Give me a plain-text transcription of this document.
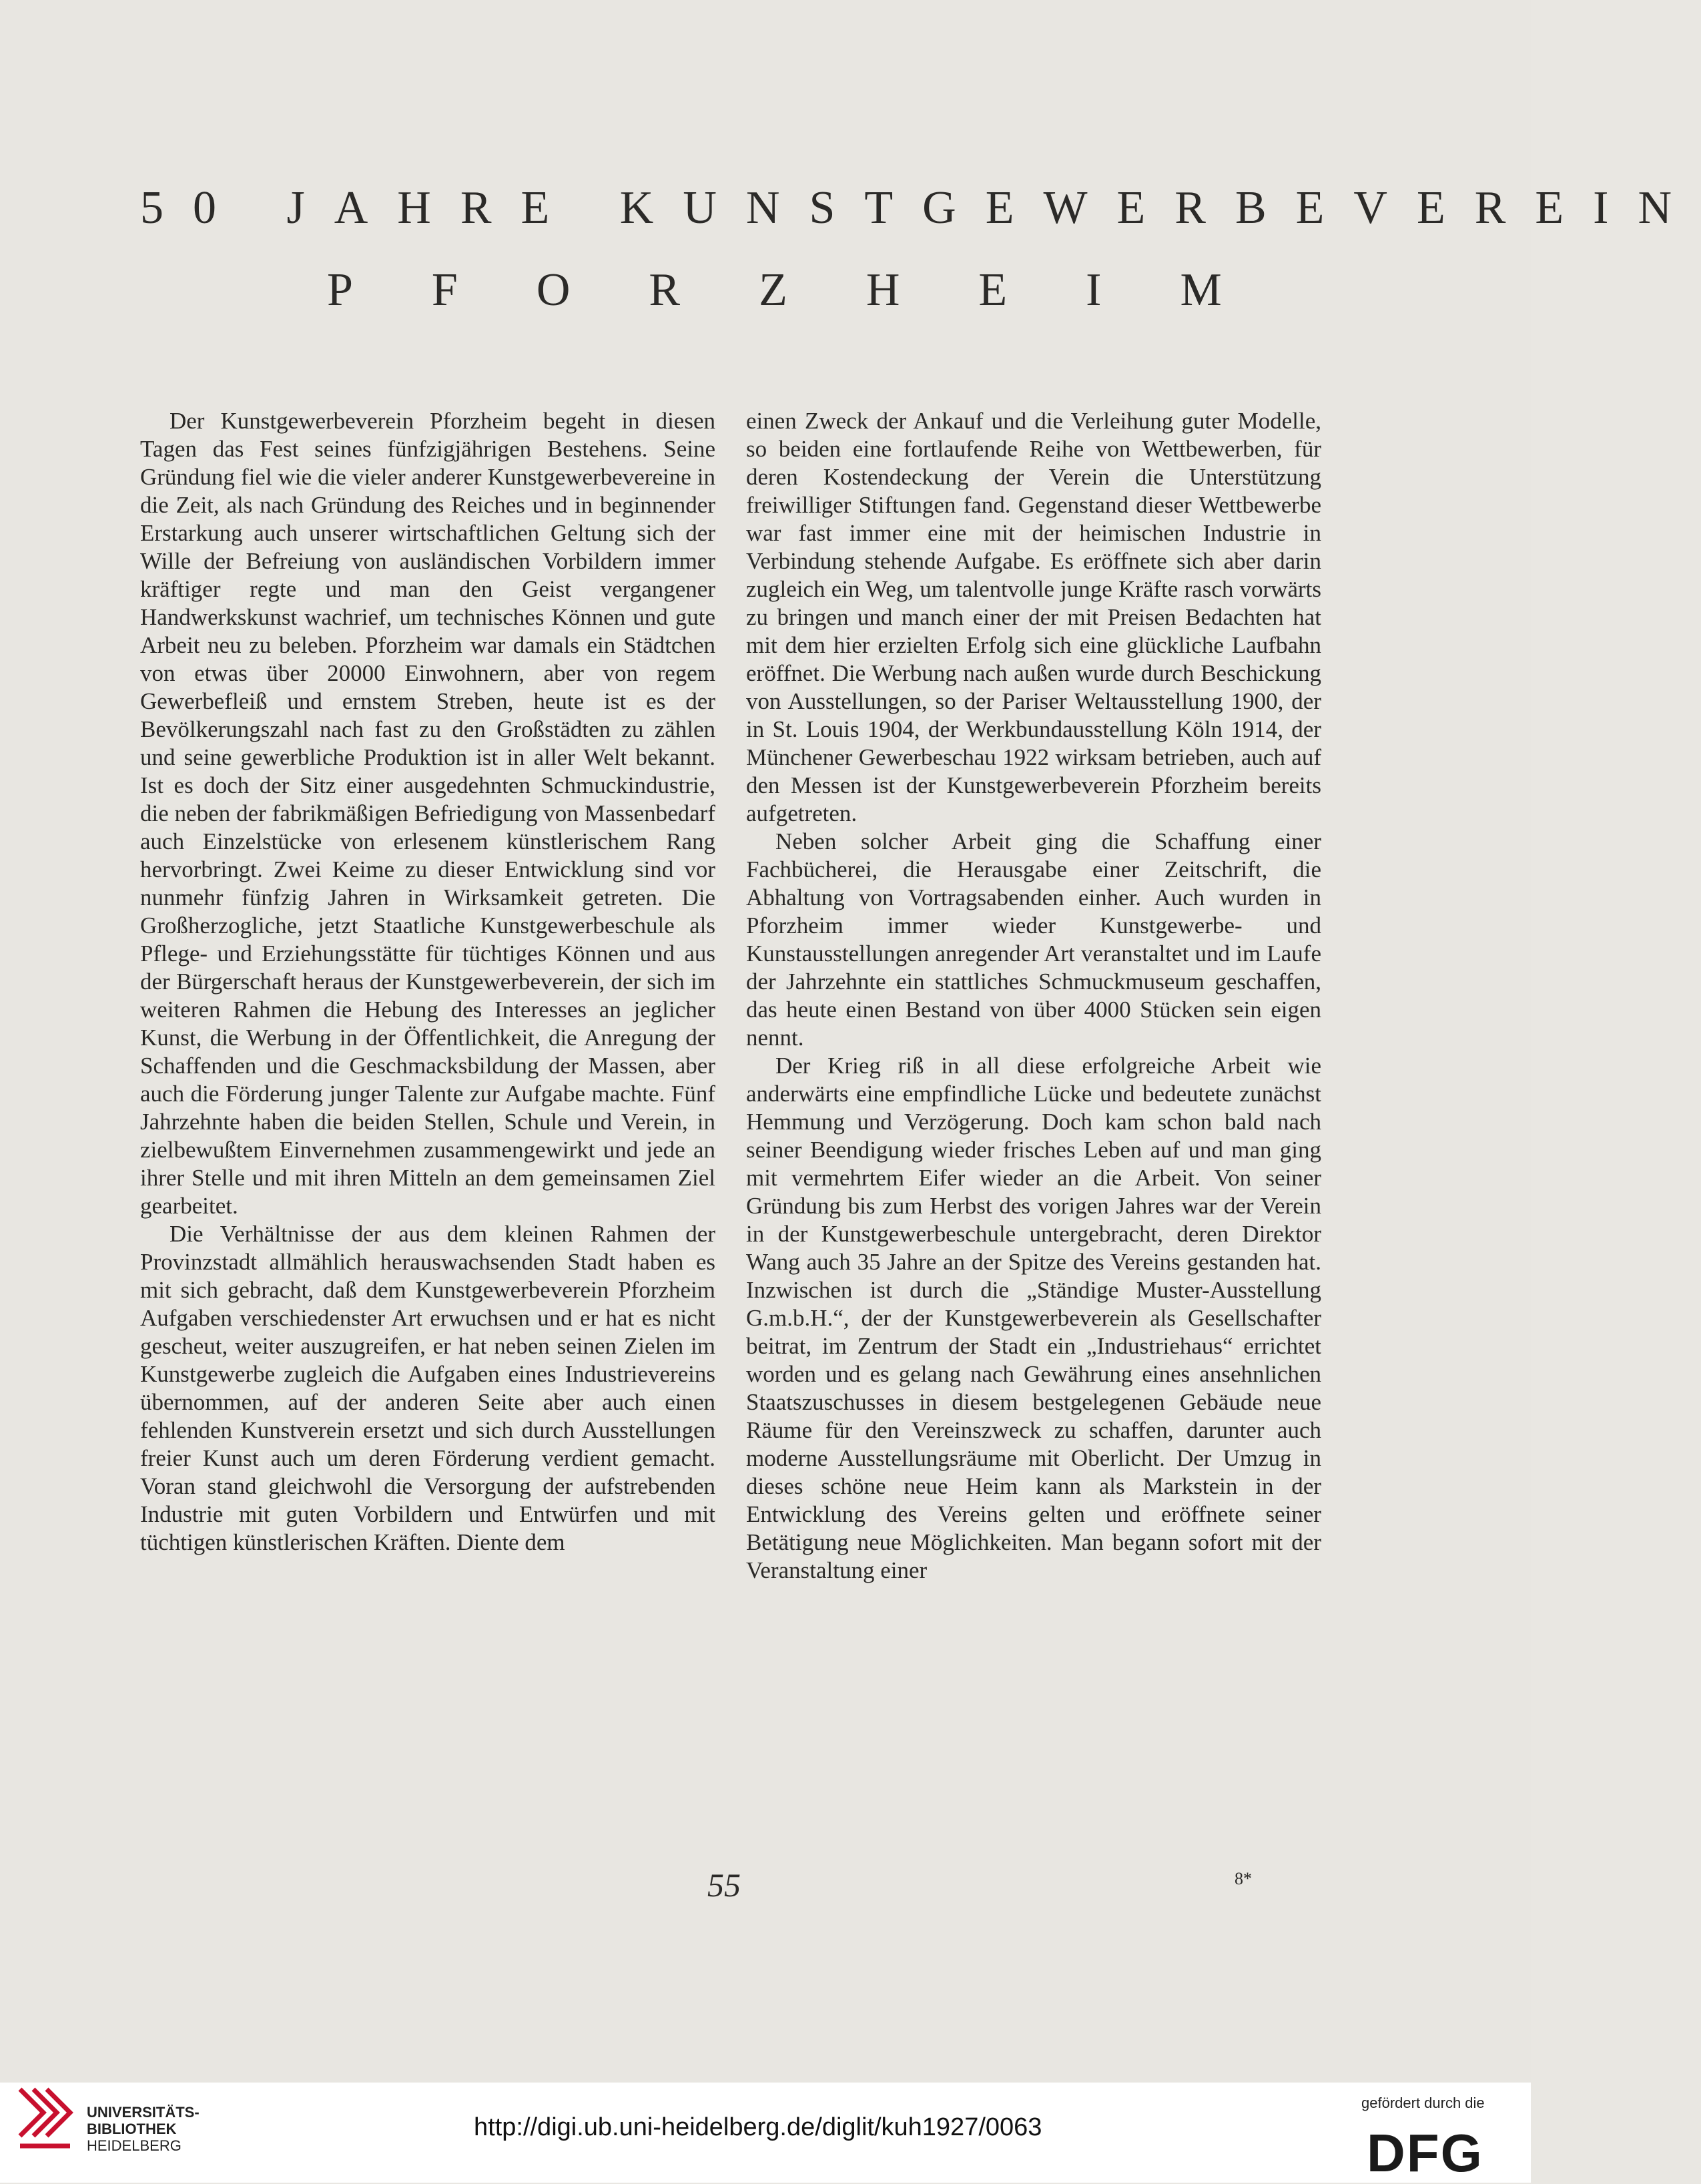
50 JAHRE KUNSTGEWERBEVEREIN
PFORZHEIM

Der Kunstgewerbeverein Pforzheim begeht in diesen Tagen das Fest seines fünfzigjährigen Bestehens. Seine Gründung fiel wie die vieler anderer Kunstgewerbevereine in die Zeit, als nach Gründung des Reiches und in beginnender Erstarkung auch unserer wirtschaftlichen Geltung sich der Wille der Befreiung von ausländischen Vorbildern immer kräftiger regte und man den Geist vergangener Handwerkskunst wachrief, um technisches Können und gute Arbeit neu zu beleben. Pforzheim war damals ein Städtchen von etwas über 20000 Einwohnern, aber von regem Gewerbefleiß und ernstem Streben, heute ist es der Bevölkerungszahl nach fast zu den Großstädten zu zählen und seine gewerbliche Produktion ist in aller Welt bekannt. Ist es doch der Sitz einer ausgedehnten Schmuckindustrie, die neben der fabrikmäßigen Befriedigung von Massenbedarf auch Einzelstücke von erlesenem künstlerischem Rang hervorbringt. Zwei Keime zu dieser Entwicklung sind vor nunmehr fünfzig Jahren in Wirksamkeit getreten. Die Großherzogliche, jetzt Staatliche Kunstgewerbeschule als Pflege- und Erziehungsstätte für tüchtiges Können und aus der Bürgerschaft heraus der Kunstgewerbeverein, der sich im weiteren Rahmen die Hebung des Interesses an jeglicher Kunst, die Werbung in der Öffentlichkeit, die Anregung der Schaffenden und die Geschmacksbildung der Massen, aber auch die Förderung junger Talente zur Aufgabe machte. Fünf Jahrzehnte haben die beiden Stellen, Schule und Verein, in zielbewußtem Einvernehmen zusammengewirkt und jede an ihrer Stelle und mit ihren Mitteln an dem gemeinsamen Ziel gearbeitet.

Die Verhältnisse der aus dem kleinen Rahmen der Provinzstadt allmählich herauswachsenden Stadt haben es mit sich gebracht, daß dem Kunstgewerbeverein Pforzheim Aufgaben verschiedenster Art erwuchsen und er hat es nicht gescheut, weiter auszugreifen, er hat neben seinen Zielen im Kunstgewerbe zugleich die Aufgaben eines Industrievereins übernommen, auf der anderen Seite aber auch einen fehlenden Kunstverein ersetzt und sich durch Ausstellungen freier Kunst auch um deren Förderung verdient gemacht. Voran stand gleichwohl die Versorgung der aufstrebenden Industrie mit guten Vorbildern und Entwürfen und mit tüchtigen künstlerischen Kräften. Diente dem

einen Zweck der Ankauf und die Verleihung guter Modelle, so beiden eine fortlaufende Reihe von Wettbewerben, für deren Kostendeckung der Verein die Unterstützung freiwilliger Stiftungen fand. Gegenstand dieser Wettbewerbe war fast immer eine mit der heimischen Industrie in Verbindung stehende Aufgabe. Es eröffnete sich aber darin zugleich ein Weg, um talentvolle junge Kräfte rasch vorwärts zu bringen und manch einer der mit Preisen Bedachten hat mit dem hier erzielten Erfolg sich eine glückliche Laufbahn eröffnet. Die Werbung nach außen wurde durch Beschickung von Ausstellungen, so der Pariser Weltausstellung 1900, der in St. Louis 1904, der Werkbundausstellung Köln 1914, der Münchener Gewerbeschau 1922 wirksam betrieben, auch auf den Messen ist der Kunstgewerbeverein Pforzheim bereits aufgetreten.

Neben solcher Arbeit ging die Schaffung einer Fachbücherei, die Herausgabe einer Zeitschrift, die Abhaltung von Vortragsabenden einher. Auch wurden in Pforzheim immer wieder Kunstgewerbe- und Kunstausstellungen anregender Art veranstaltet und im Laufe der Jahrzehnte ein stattliches Schmuckmuseum geschaffen, das heute einen Bestand von über 4000 Stücken sein eigen nennt.

Der Krieg riß in all diese erfolgreiche Arbeit wie anderwärts eine empfindliche Lücke und bedeutete zunächst Hemmung und Verzögerung. Doch kam schon bald nach seiner Beendigung wieder frisches Leben auf und man ging mit vermehrtem Eifer wieder an die Arbeit. Von seiner Gründung bis zum Herbst des vorigen Jahres war der Verein in der Kunstgewerbeschule untergebracht, deren Direktor Wang auch 35 Jahre an der Spitze des Vereins gestanden hat. Inzwischen ist durch die „Ständige Muster-Ausstellung G.m.b.H.“, der der Kunstgewerbeverein als Gesellschafter beitrat, im Zentrum der Stadt ein „Industriehaus“ errichtet worden und es gelang nach Gewährung eines ansehnlichen Staatszuschusses in diesem bestgelegenen Gebäude neue Räume für den Vereinszweck zu schaffen, darunter auch moderne Ausstellungsräume mit Oberlicht. Der Umzug in dieses schöne neue Heim kann als Markstein in der Entwicklung des Vereins gelten und eröffnete seiner Betätigung neue Möglichkeiten. Man begann sofort mit der Veranstaltung einer

55	8*
UNIVERSITÄTS-
BIBLIOTHEK
HEIDELBERG
http://digi.ub.uni-heidelberg.de/diglit/kuh1927/0063
gefördert durch die
DFG
